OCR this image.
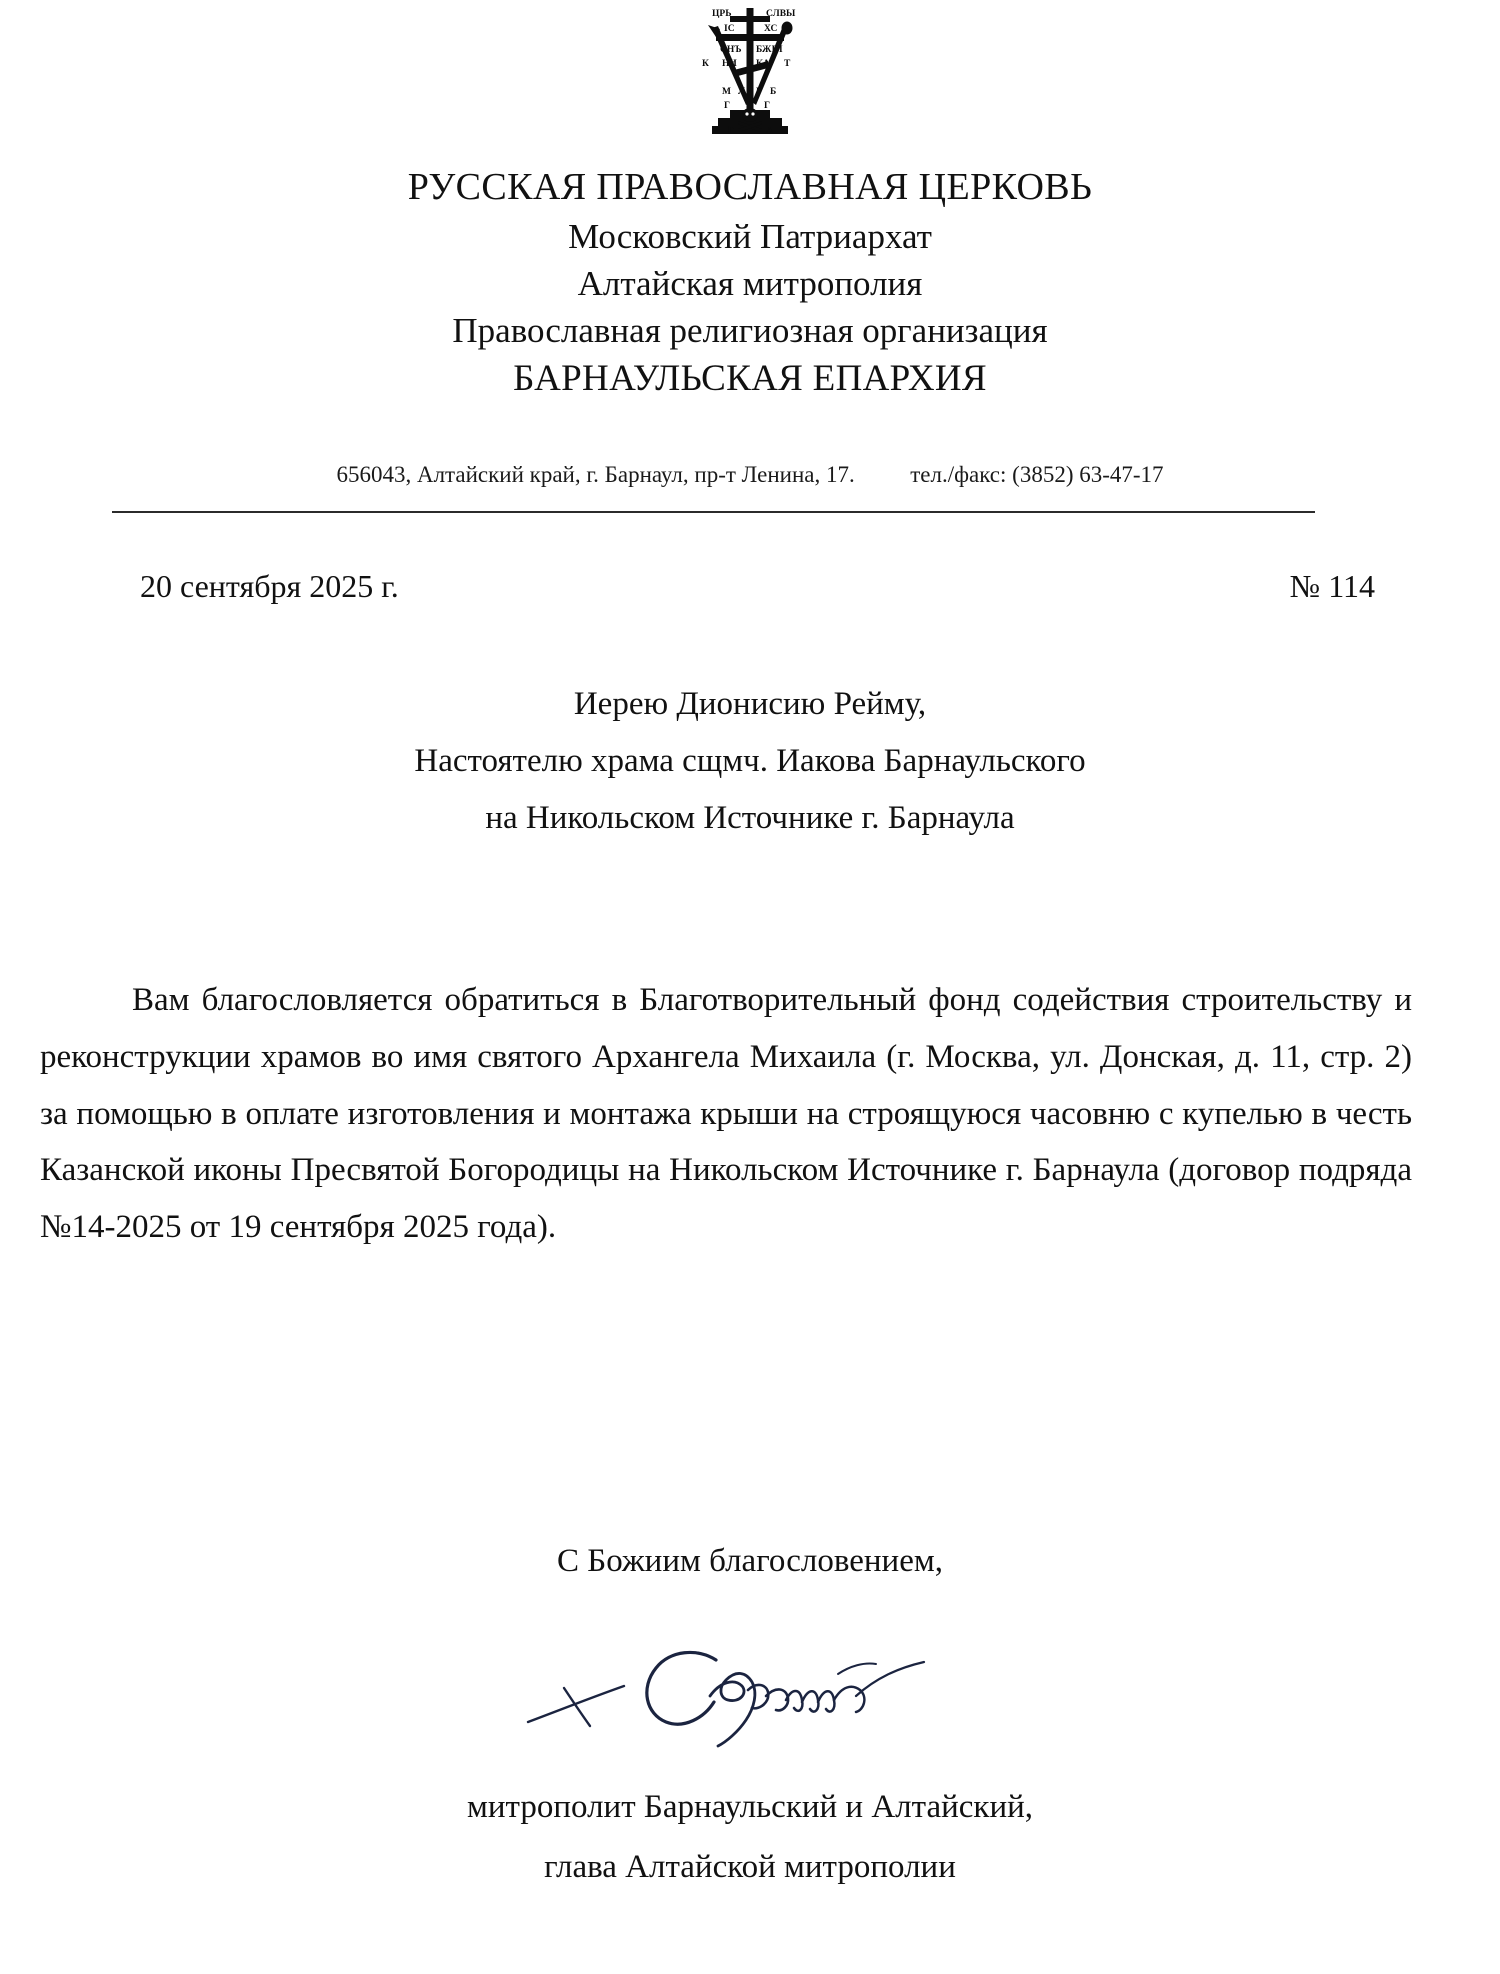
ЦРЬ	СЛВЫ
ІС	ХС
СНЪ БЖІЙ
К НИ КА Т
М Л Р Б
Г	Г
Г	А
РУССКАЯ ПРАВОСЛАВНАЯ ЦЕРКОВЬ
Московский Патриархат
Алтайская митрополия
Православная религиозная организация
БАРНАУЛЬСКАЯ ЕПАРХИЯ
656043, Алтайский край, г. Барнаул, пр-т Ленина, 17. тел./факс: (3852) 63-47-17
20 сентября 2025 г.	№ 114
Иерею Дионисию Рейму,
Настоятелю храма сщмч. Иакова Барнаульского
на Никольском Источнике г. Барнаула

Вам благословляется обратиться в Благотворительный фонд содействия строительству и реконструкции храмов во имя святого Архангела Михаила (г. Москва, ул. Донская, д. 11, стр. 2) за помощью в оплате изготовления и монтажа крыши на строящуюся часовню с купелью в честь Казанской иконы Пресвятой Богородицы на Никольском Источнике г. Барнаула (договор подряда №14-2025 от 19 сентября 2025 года).

С Божиим благословением,
митрополит Барнаульский и Алтайский,
глава Алтайской митрополии
